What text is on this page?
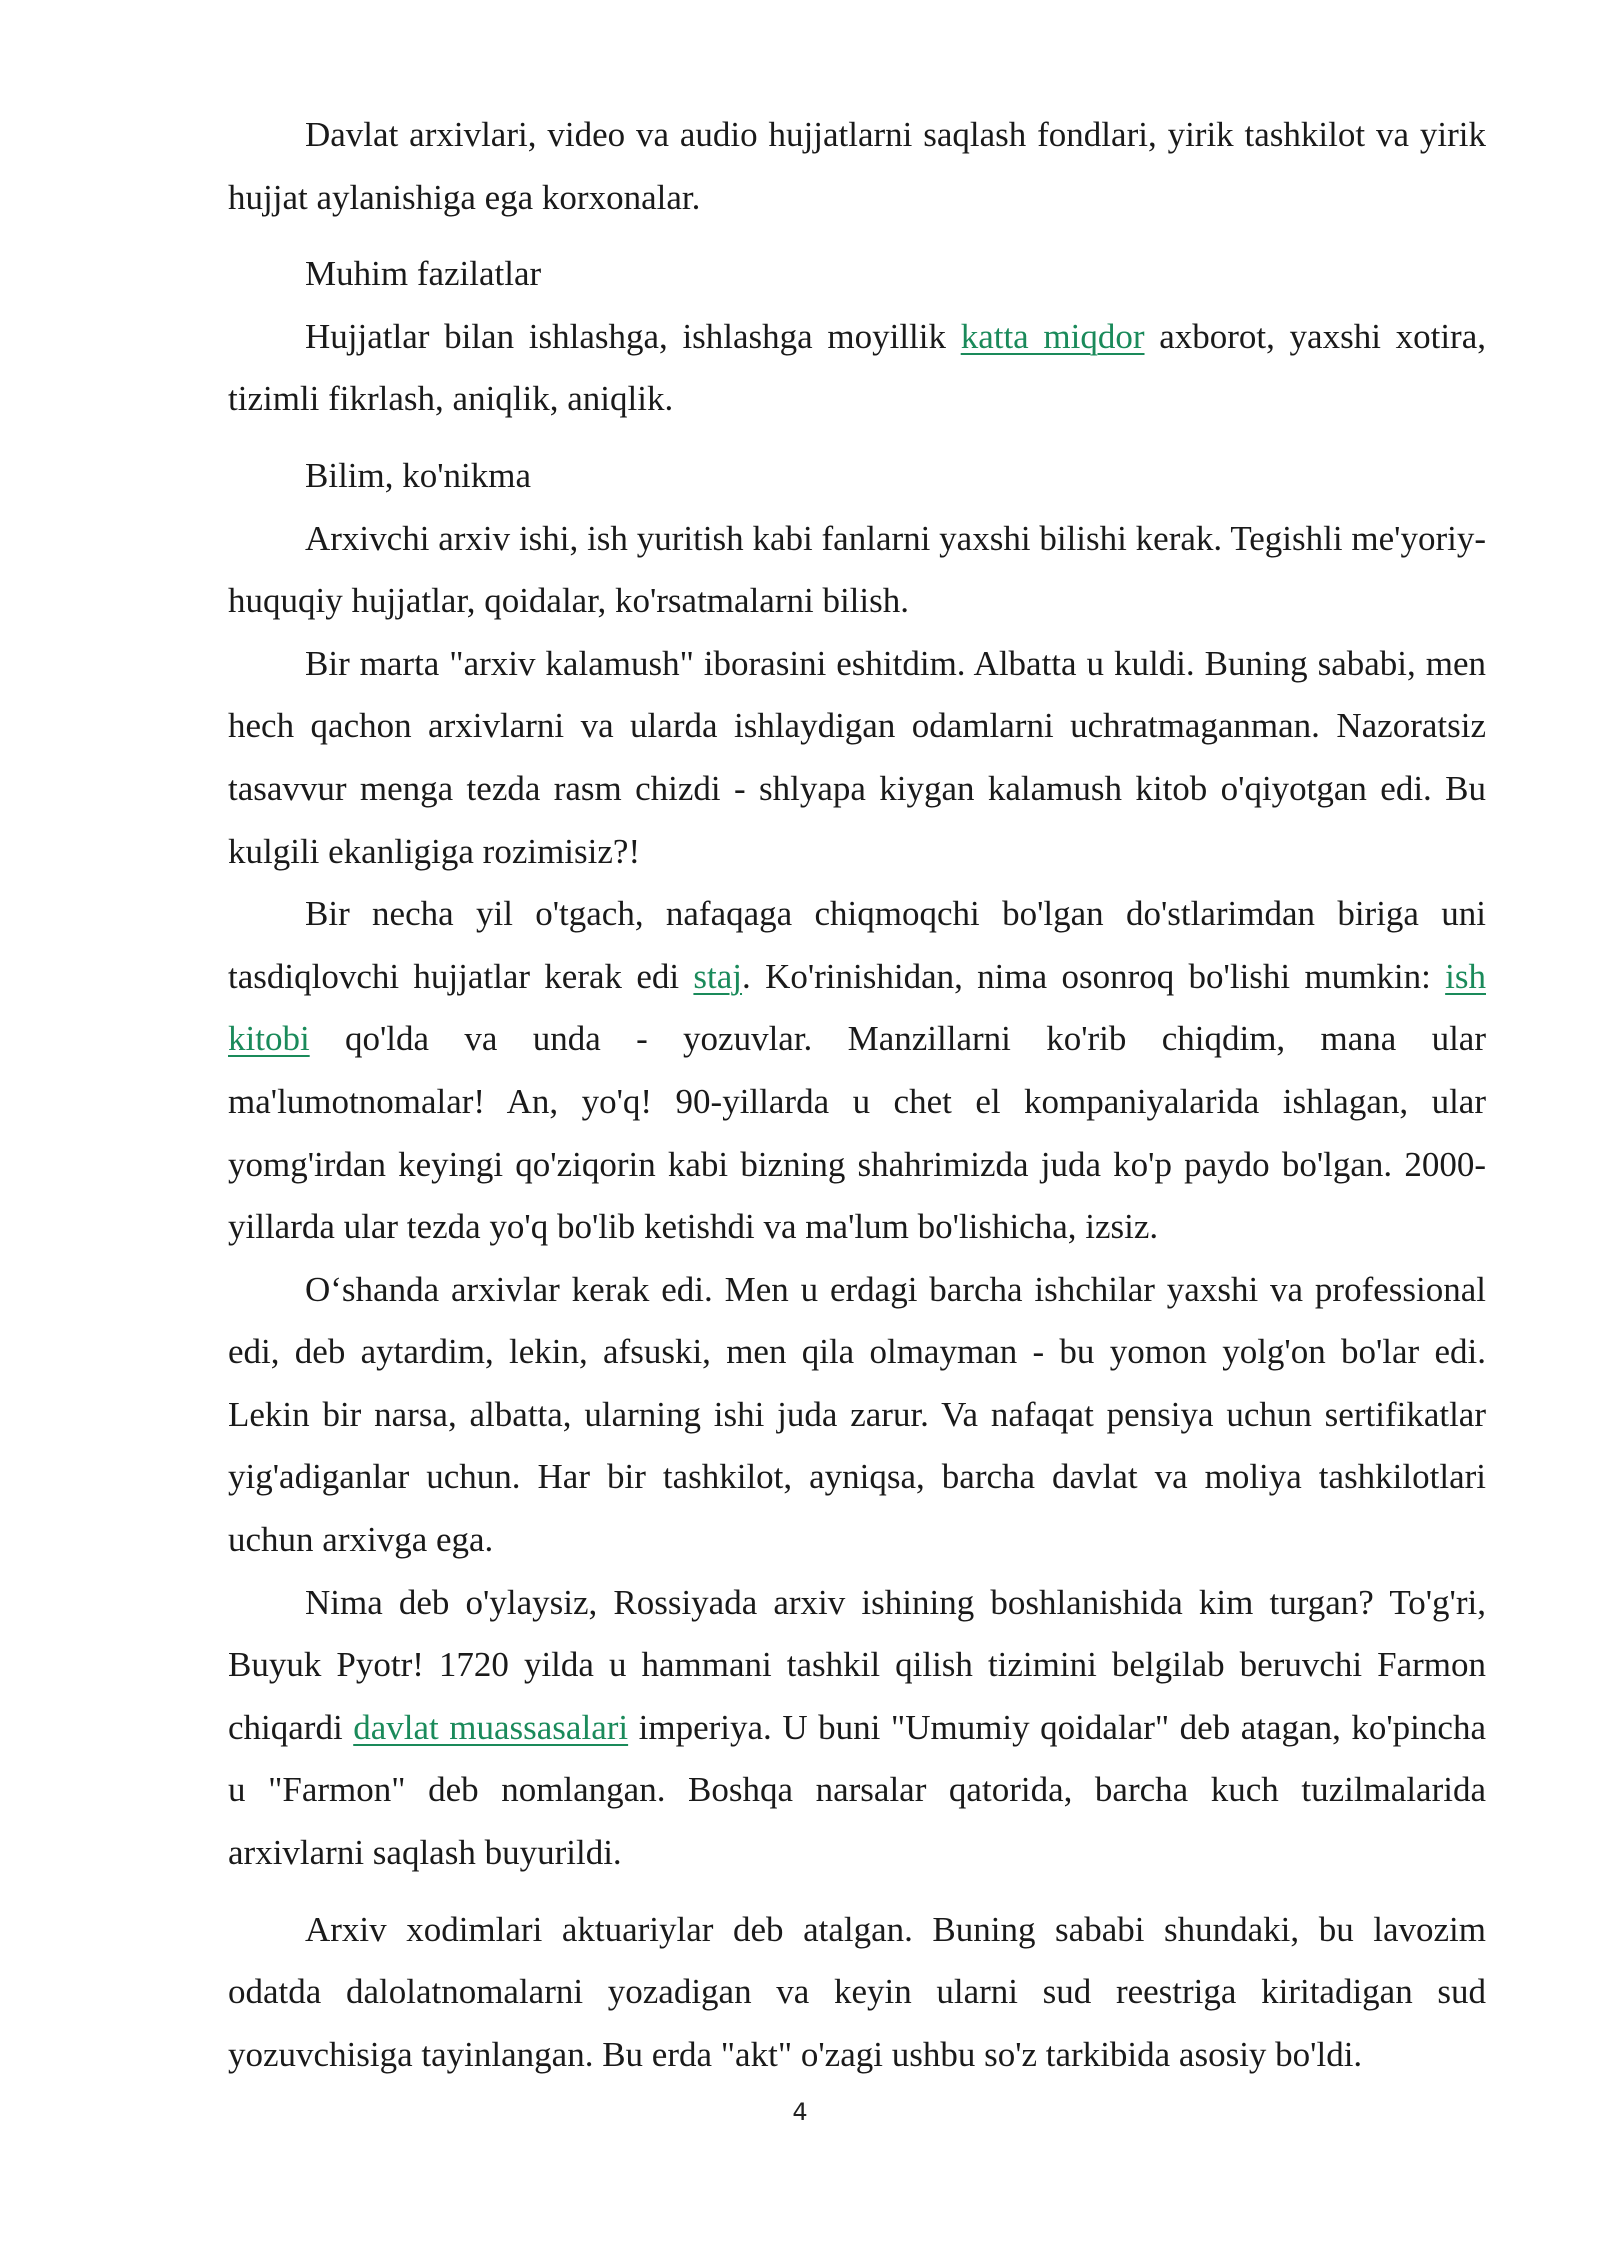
Davlat arxivlari, video va audio hujjatlarni saqlash fondlari, yirik tashkilot va yirik hujjat aylanishiga ega korxonalar.

Muhim fazilatlar

Hujjatlar bilan ishlashga, ishlashga moyillik katta miqdor axborot, yaxshi xotira, tizimli fikrlash, aniqlik, aniqlik.

Bilim, ko'nikma

Arxivchi arxiv ishi, ish yuritish kabi fanlarni yaxshi bilishi kerak. Tegishli me'yoriy-huquqiy hujjatlar, qoidalar, ko'rsatmalarni bilish.

Bir marta "arxiv kalamush" iborasini eshitdim. Albatta u kuldi. Buning sababi, men hech qachon arxivlarni va ularda ishlaydigan odamlarni uchratmaganman. Nazoratsiz tasavvur menga tezda rasm chizdi - shlyapa kiygan kalamush kitob o'qiyotgan edi. Bu kulgili ekanligiga rozimisiz?!

Bir necha yil o'tgach, nafaqaga chiqmoqchi bo'lgan do'stlarimdan biriga uni tasdiqlovchi hujjatlar kerak edi staj. Ko'rinishidan, nima osonroq bo'lishi mumkin: ish kitobi qo'lda va unda - yozuvlar. Manzillarni ko'rib chiqdim, mana ular ma'lumotnomalar! An, yo'q! 90-yillarda u chet el kompaniyalarida ishlagan, ular yomg'irdan keyingi qo'ziqorin kabi bizning shahrimizda juda ko'p paydo bo'lgan. 2000-yillarda ular tezda yo'q bo'lib ketishdi va ma'lum bo'lishicha, izsiz.

O‘shanda arxivlar kerak edi. Men u erdagi barcha ishchilar yaxshi va professional edi, deb aytardim, lekin, afsuski, men qila olmayman - bu yomon yolg'on bo'lar edi. Lekin bir narsa, albatta, ularning ishi juda zarur. Va nafaqat pensiya uchun sertifikatlar yig'adiganlar uchun. Har bir tashkilot, ayniqsa, barcha davlat va moliya tashkilotlari uchun arxivga ega.

Nima deb o'ylaysiz, Rossiyada arxiv ishining boshlanishida kim turgan? To'g'ri, Buyuk Pyotr! 1720 yilda u hammani tashkil qilish tizimini belgilab beruvchi Farmon chiqardi davlat muassasalari imperiya. U buni "Umumiy qoidalar" deb atagan, ko'pincha u "Farmon" deb nomlangan. Boshqa narsalar qatorida, barcha kuch tuzilmalarida arxivlarni saqlash buyurildi.

Arxiv xodimlari aktuariylar deb atalgan. Buning sababi shundaki, bu lavozim odatda dalolatnomalarni yozadigan va keyin ularni sud reestriga kiritadigan sud yozuvchisiga tayinlangan. Bu erda "akt" o'zagi ushbu so'z tarkibida asosiy bo'ldi.

4
